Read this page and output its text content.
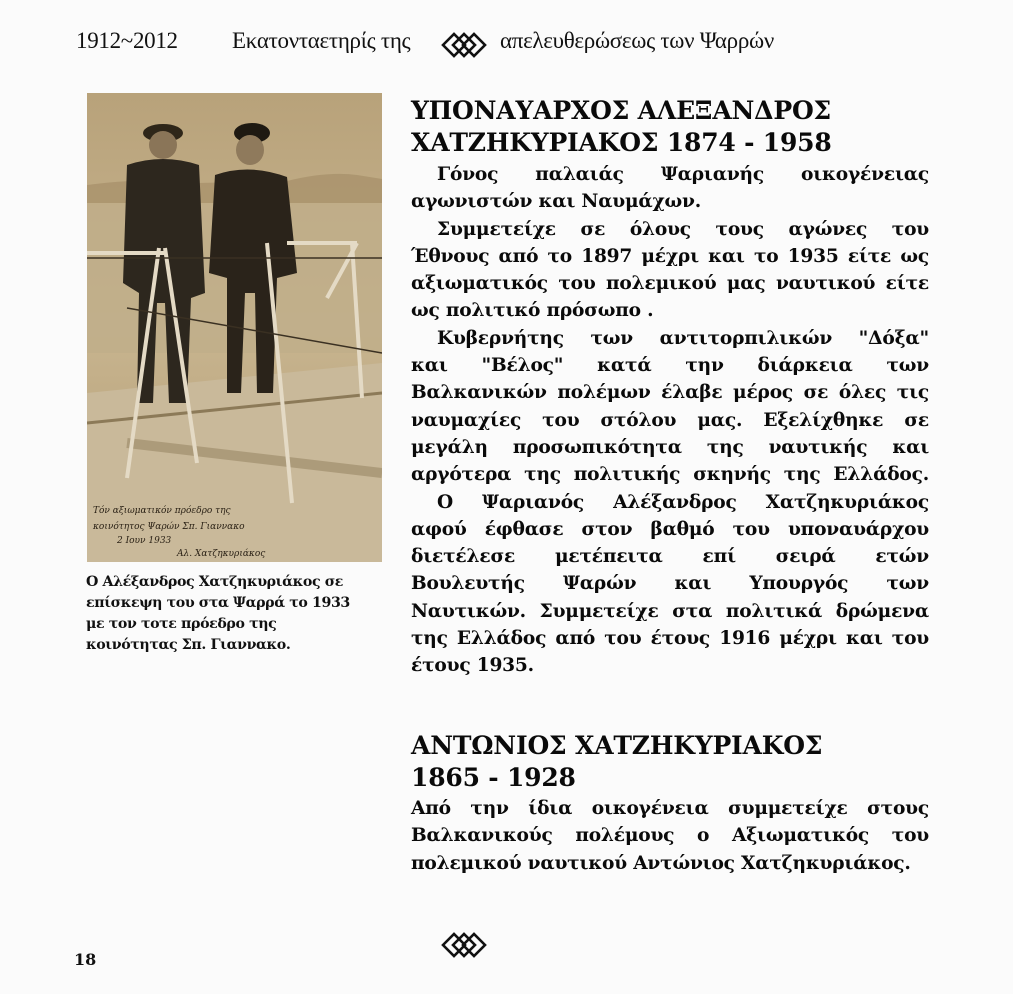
1912~2012 Εκατονταετηρίς της	απελευθερώσεως των Ψαρρών
Τόν αξιωματικόν πρόεδρο της
κοινότητος Ψαρών Σπ. Γιαννακο
2 Ιουν 1933
Αλ. Χατζηκυριάκος
Ο Αλέξανδρος Χατζηκυριάκος σε
επίσκεψη του στα Ψαρρά το 1933
με τον τοτε πρόεδρο της
κοινότητας Σπ. Γιαννακο.
ΥΠΟΝΑΥΑΡΧΟΣ ΑΛΕΞΑΝΔΡΟΣ
ΧΑΤΖΗΚΥΡΙΑΚΟΣ 1874 - 1958
Γόνος παλαιάς Ψαριανής οικογένειας
αγωνιστών και Ναυμάχων.
Συμμετείχε σε όλους τους αγώνες του
Έθνους από το 1897 μέχρι και το 1935 είτε ως
αξιωματικός του πολεμικού μας ναυτικού είτε
ως πολιτικό πρόσωπο .
Κυβερνήτης των αντιτορπιλικών "Δόξα"
και "Βέλος" κατά την διάρκεια των
Βαλκανικών πολέμων έλαβε μέρος σε όλες τις
ναυμαχίες του στόλου μας. Εξελίχθηκε σε
μεγάλη προσωπικότητα της ναυτικής και
αργότερα της πολιτικής σκηνής της Ελλάδος.
Ο Ψαριανός Αλέξανδρος Χατζηκυριάκος
αφού έφθασε στον βαθμό του υποναυάρχου
διετέλεσε μετέπειτα επί σειρά ετών
Βουλευτής Ψαρών και Υπουργός των
Ναυτικών. Συμμετείχε στα πολιτικά δρώμενα
της Ελλάδος από του έτους 1916 μέχρι και του
έτους 1935.
ΑΝΤΩΝΙΟΣ ΧΑΤΖΗΚΥΡΙΑΚΟΣ
1865 - 1928
Από την ίδια οικογένεια συμμετείχε στους
Βαλκανικούς πολέμους ο Αξιωματικός του
πολεμικού ναυτικού Αντώνιος Χατζηκυριάκος.
18
